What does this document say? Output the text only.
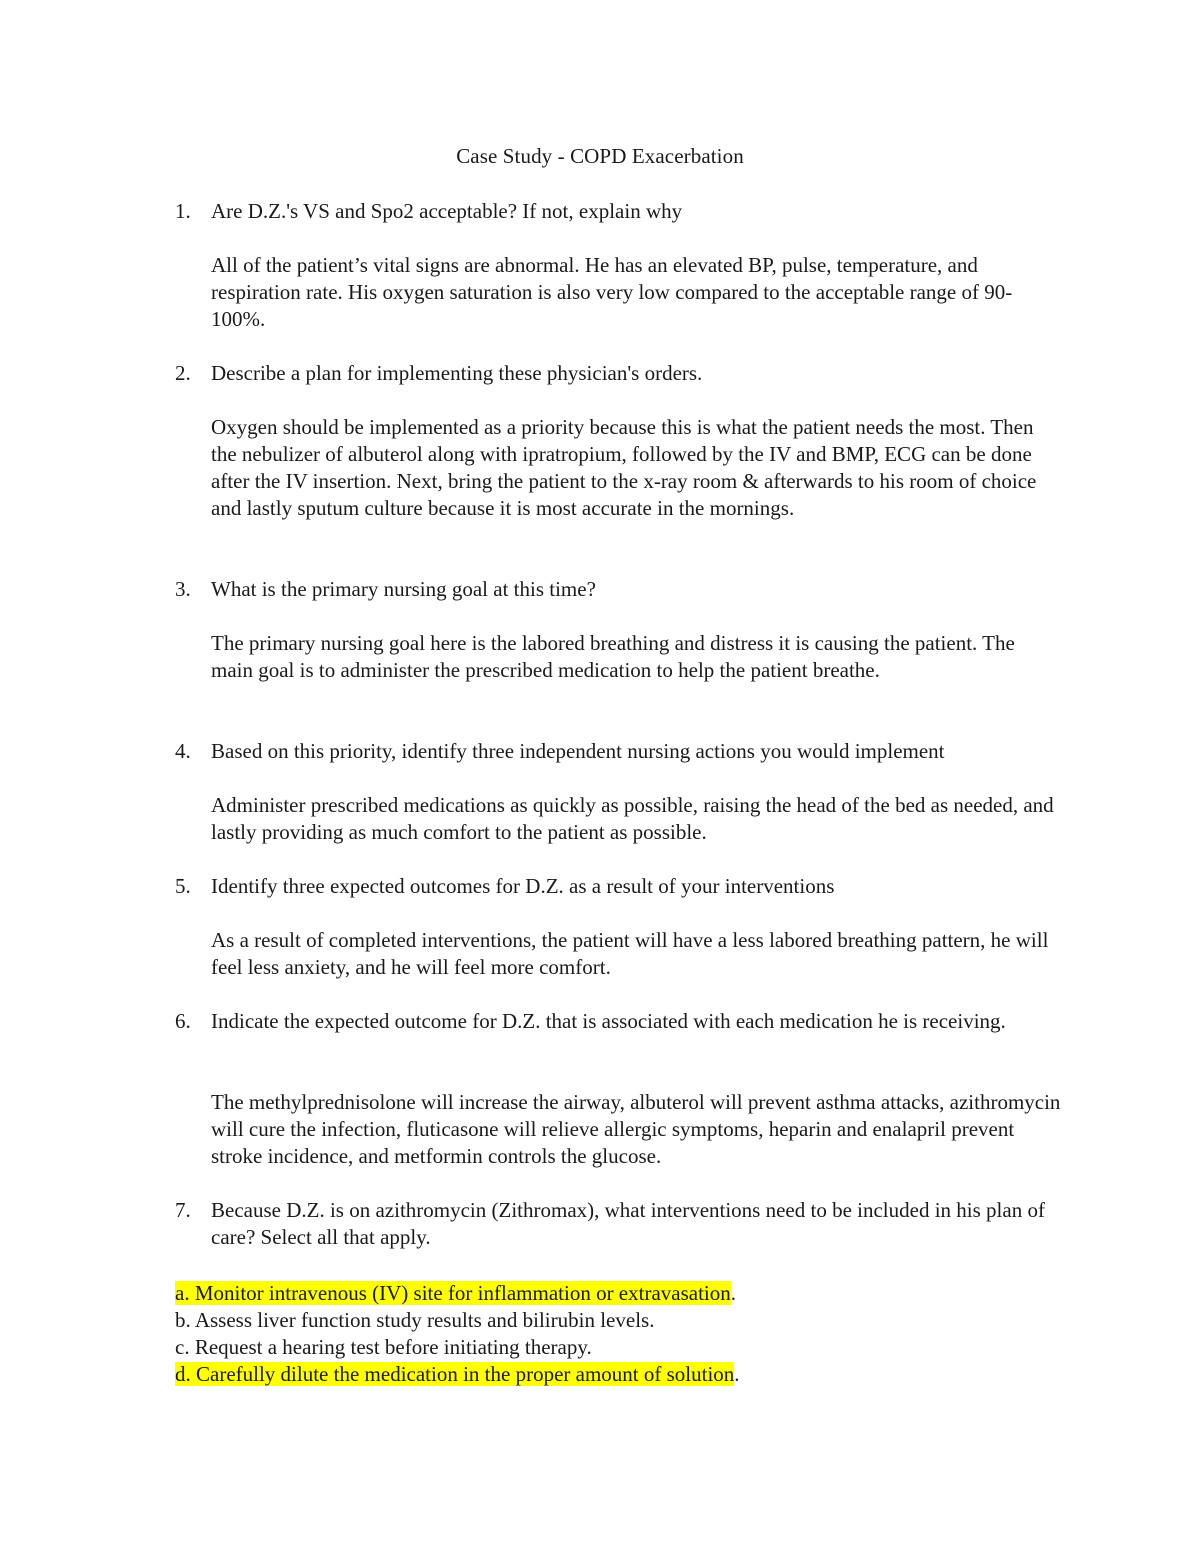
Case Study - COPD Exacerbation
1. Are D.Z.'s VS and Spo2 acceptable? If not, explain why
All of the patient’s vital signs are abnormal. He has an elevated BP, pulse, temperature, and respiration rate. His oxygen saturation is also very low compared to the acceptable range of 90-100%.
2. Describe a plan for implementing these physician's orders.
Oxygen should be implemented as a priority because this is what the patient needs the most. Then the nebulizer of albuterol along with ipratropium, followed by the IV and BMP, ECG can be done after the IV insertion. Next, bring the patient to the x-ray room & afterwards to his room of choice and lastly sputum culture because it is most accurate in the mornings.
3. What is the primary nursing goal at this time?
The primary nursing goal here is the labored breathing and distress it is causing the patient. The main goal is to administer the prescribed medication to help the patient breathe.
4. Based on this priority, identify three independent nursing actions you would implement
Administer prescribed medications as quickly as possible, raising the head of the bed as needed, and lastly providing as much comfort to the patient as possible.
5. Identify three expected outcomes for D.Z. as a result of your interventions
As a result of completed interventions, the patient will have a less labored breathing pattern, he will feel less anxiety, and he will feel more comfort.
6. Indicate the expected outcome for D.Z. that is associated with each medication he is receiving.
The methylprednisolone will increase the airway, albuterol will prevent asthma attacks, azithromycin will cure the infection, fluticasone will relieve allergic symptoms, heparin and enalapril prevent stroke incidence, and metformin controls the glucose.
7. Because D.Z. is on azithromycin (Zithromax), what interventions need to be included in his plan of care? Select all that apply.
a. Monitor intravenous (IV) site for inflammation or extravasation.
b. Assess liver function study results and bilirubin levels.
c. Request a hearing test before initiating therapy.
d. Carefully dilute the medication in the proper amount of solution.
